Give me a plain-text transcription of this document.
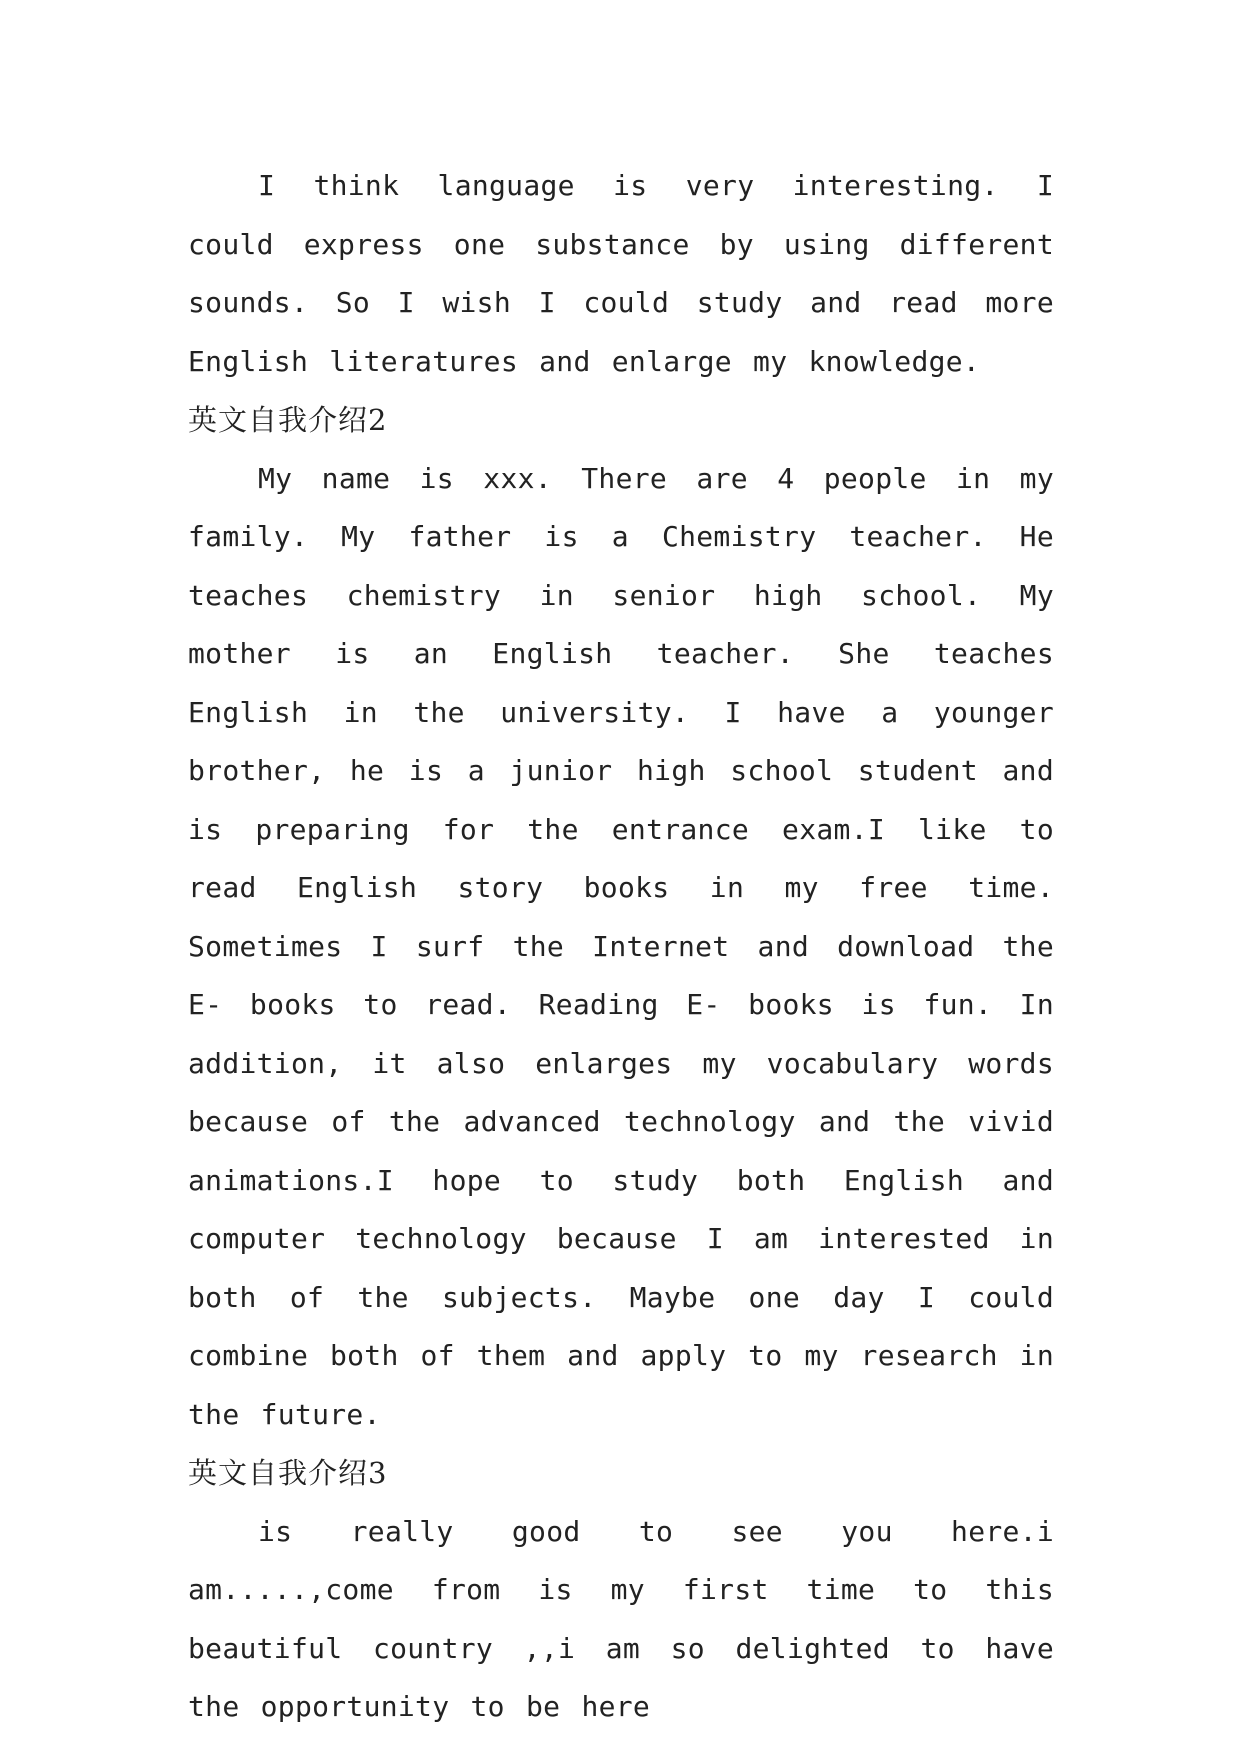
I think language is very interesting. I could express one substance by using different sounds. So I wish I could study and read more English literatures and enlarge my knowledge.

英文自我介绍2

My name is xxx. There are 4 people in my family. My father is a Chemistry teacher. He teaches chemistry in senior high school. My mother is an English teacher. She teaches English in the university. I have a younger brother, he is a junior high school student and is preparing for the entrance exam.I like to read English story books in my free time. Sometimes I surf the Internet and download the E- books to read. Reading E- books is fun. In addition, it also enlarges my vocabulary words because of the advanced technology and the vivid animations.I hope to study both English and computer technology because I am interested in both of the subjects. Maybe one day I could combine both of them and apply to my research in the future.

英文自我介绍3

is really good to see you here.i am.....,come from is my first time to this beautiful country ,,i am so delighted to have the opportunity to be here
